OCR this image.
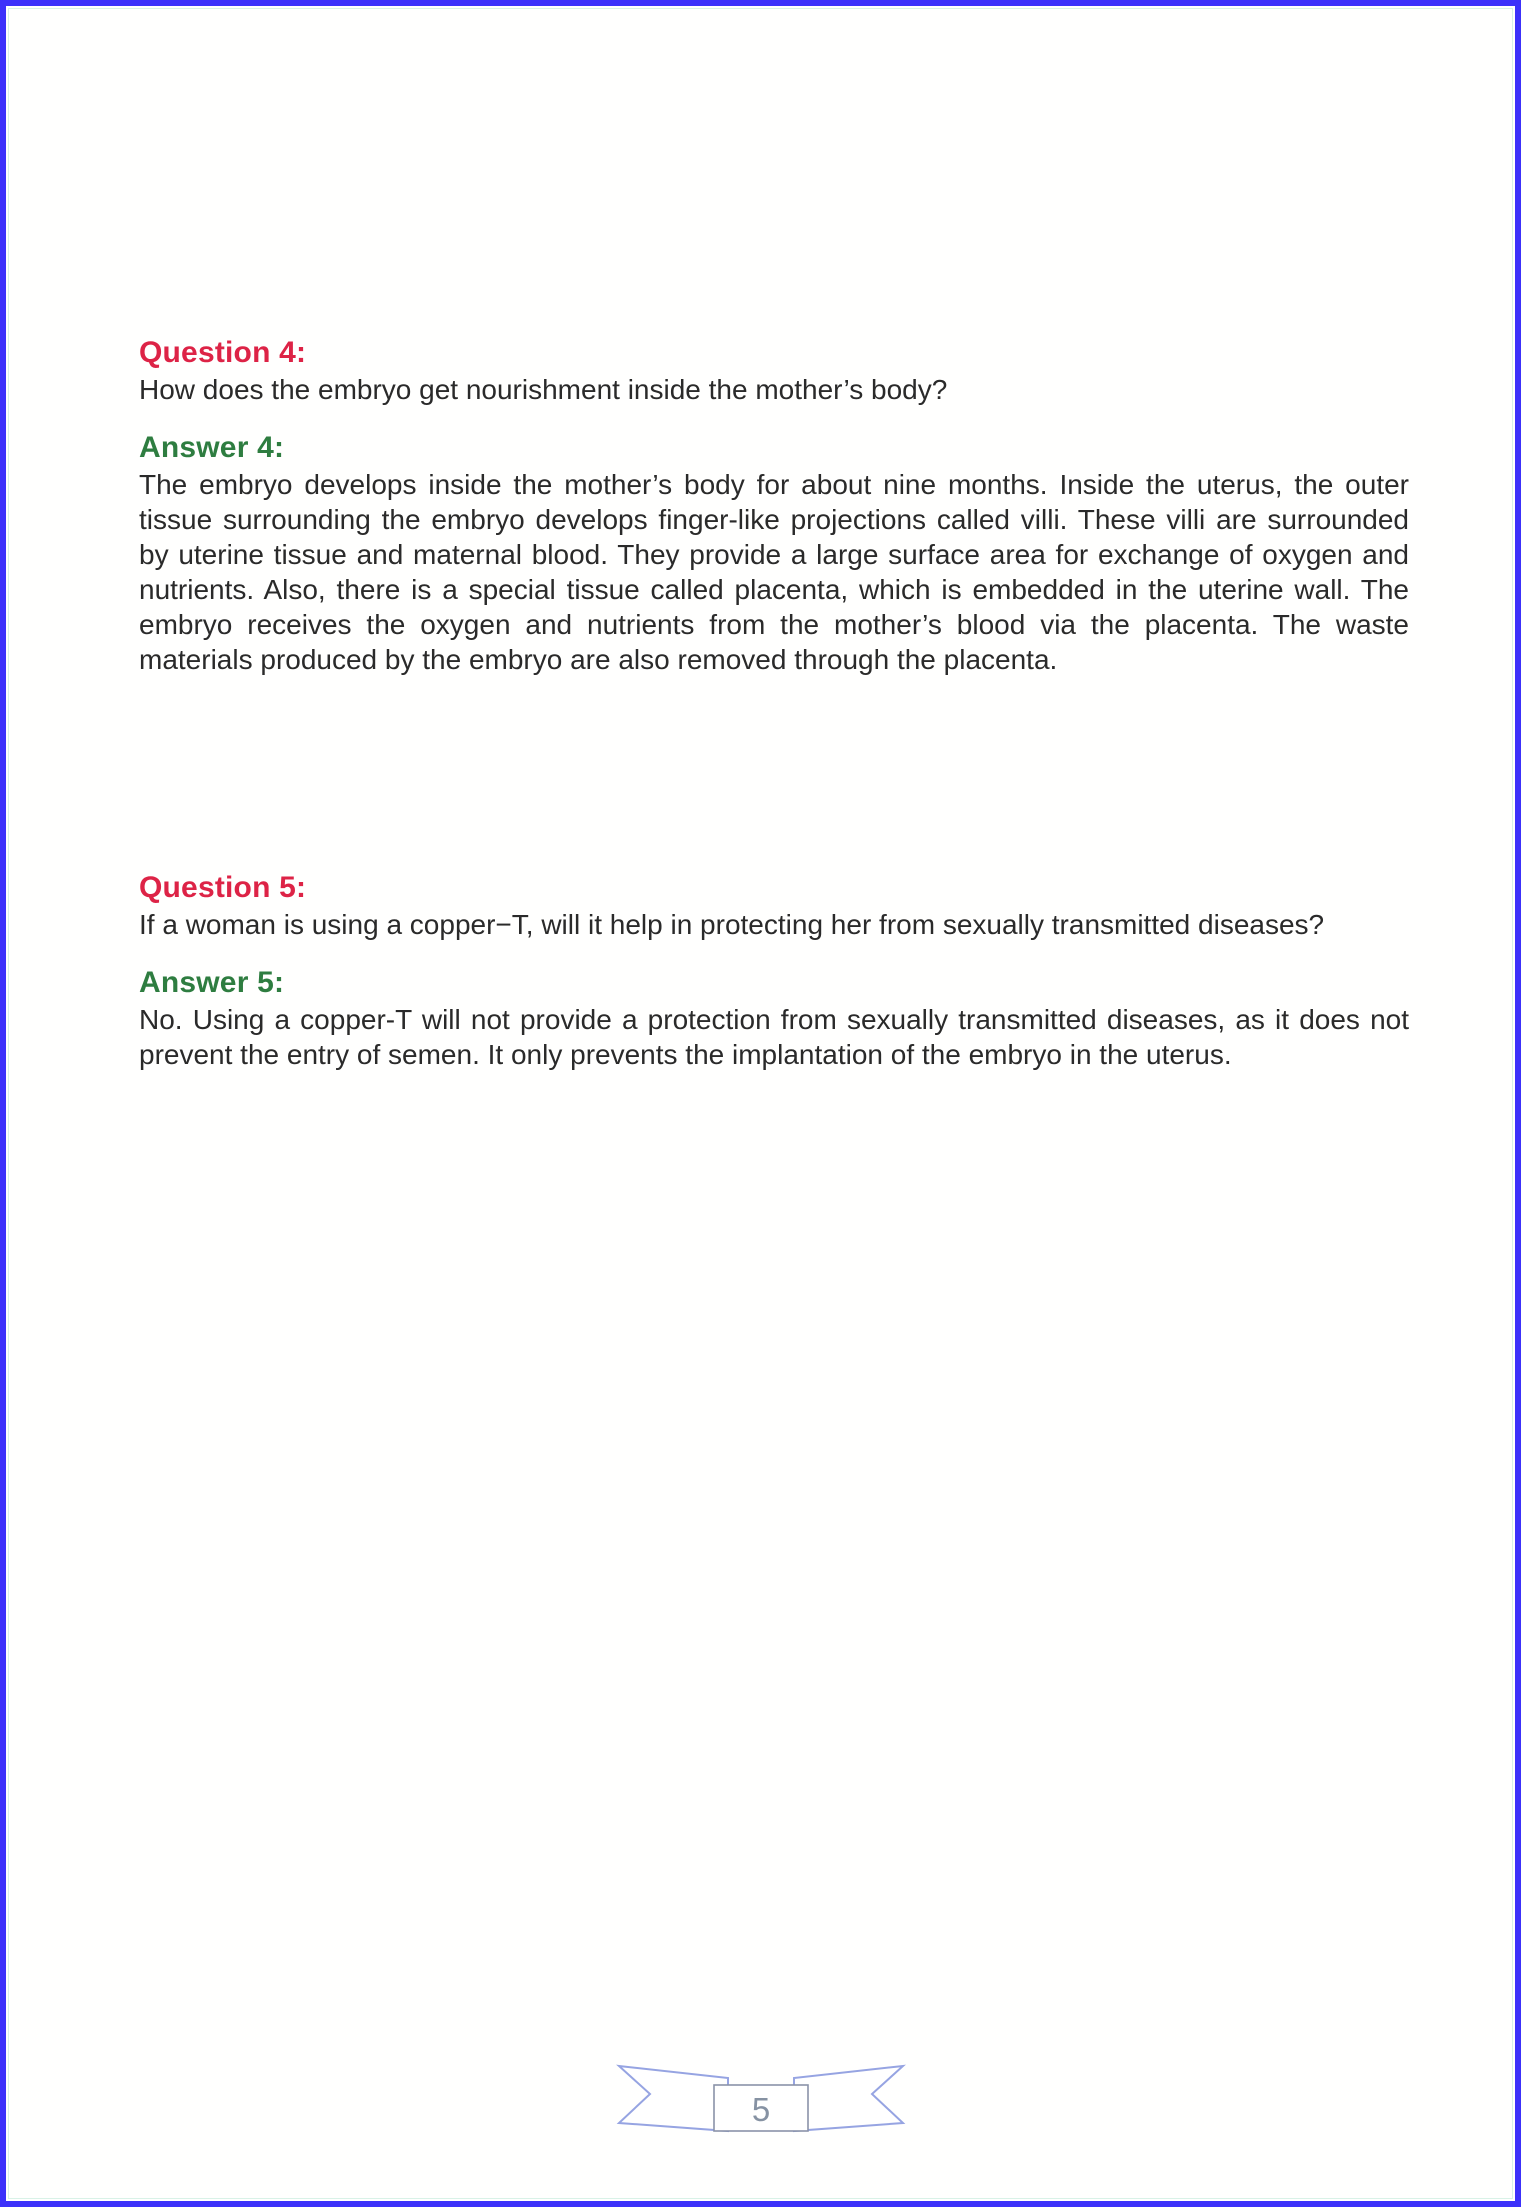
Question 4:

How does the embryo get nourishment inside the mother’s body?

Answer 4:

The embryo develops inside the mother’s body for about nine months. Inside the uterus, the outer tissue surrounding the embryo develops finger-like projections called villi. These villi are surrounded by uterine tissue and maternal blood. They provide a large surface area for exchange of oxygen and nutrients. Also, there is a special tissue called placenta, which is embedded in the uterine wall. The embryo receives the oxygen and nutrients from the mother’s blood via the placenta. The waste materials produced by the embryo are also removed through the placenta.

Question 5:

If a woman is using a copper−T, will it help in protecting her from sexually transmitted diseases?

Answer 5:

No. Using a copper-T will not provide a protection from sexually transmitted diseases, as it does not prevent the entry of semen. It only prevents the implantation of the embryo in the uterus.

5
